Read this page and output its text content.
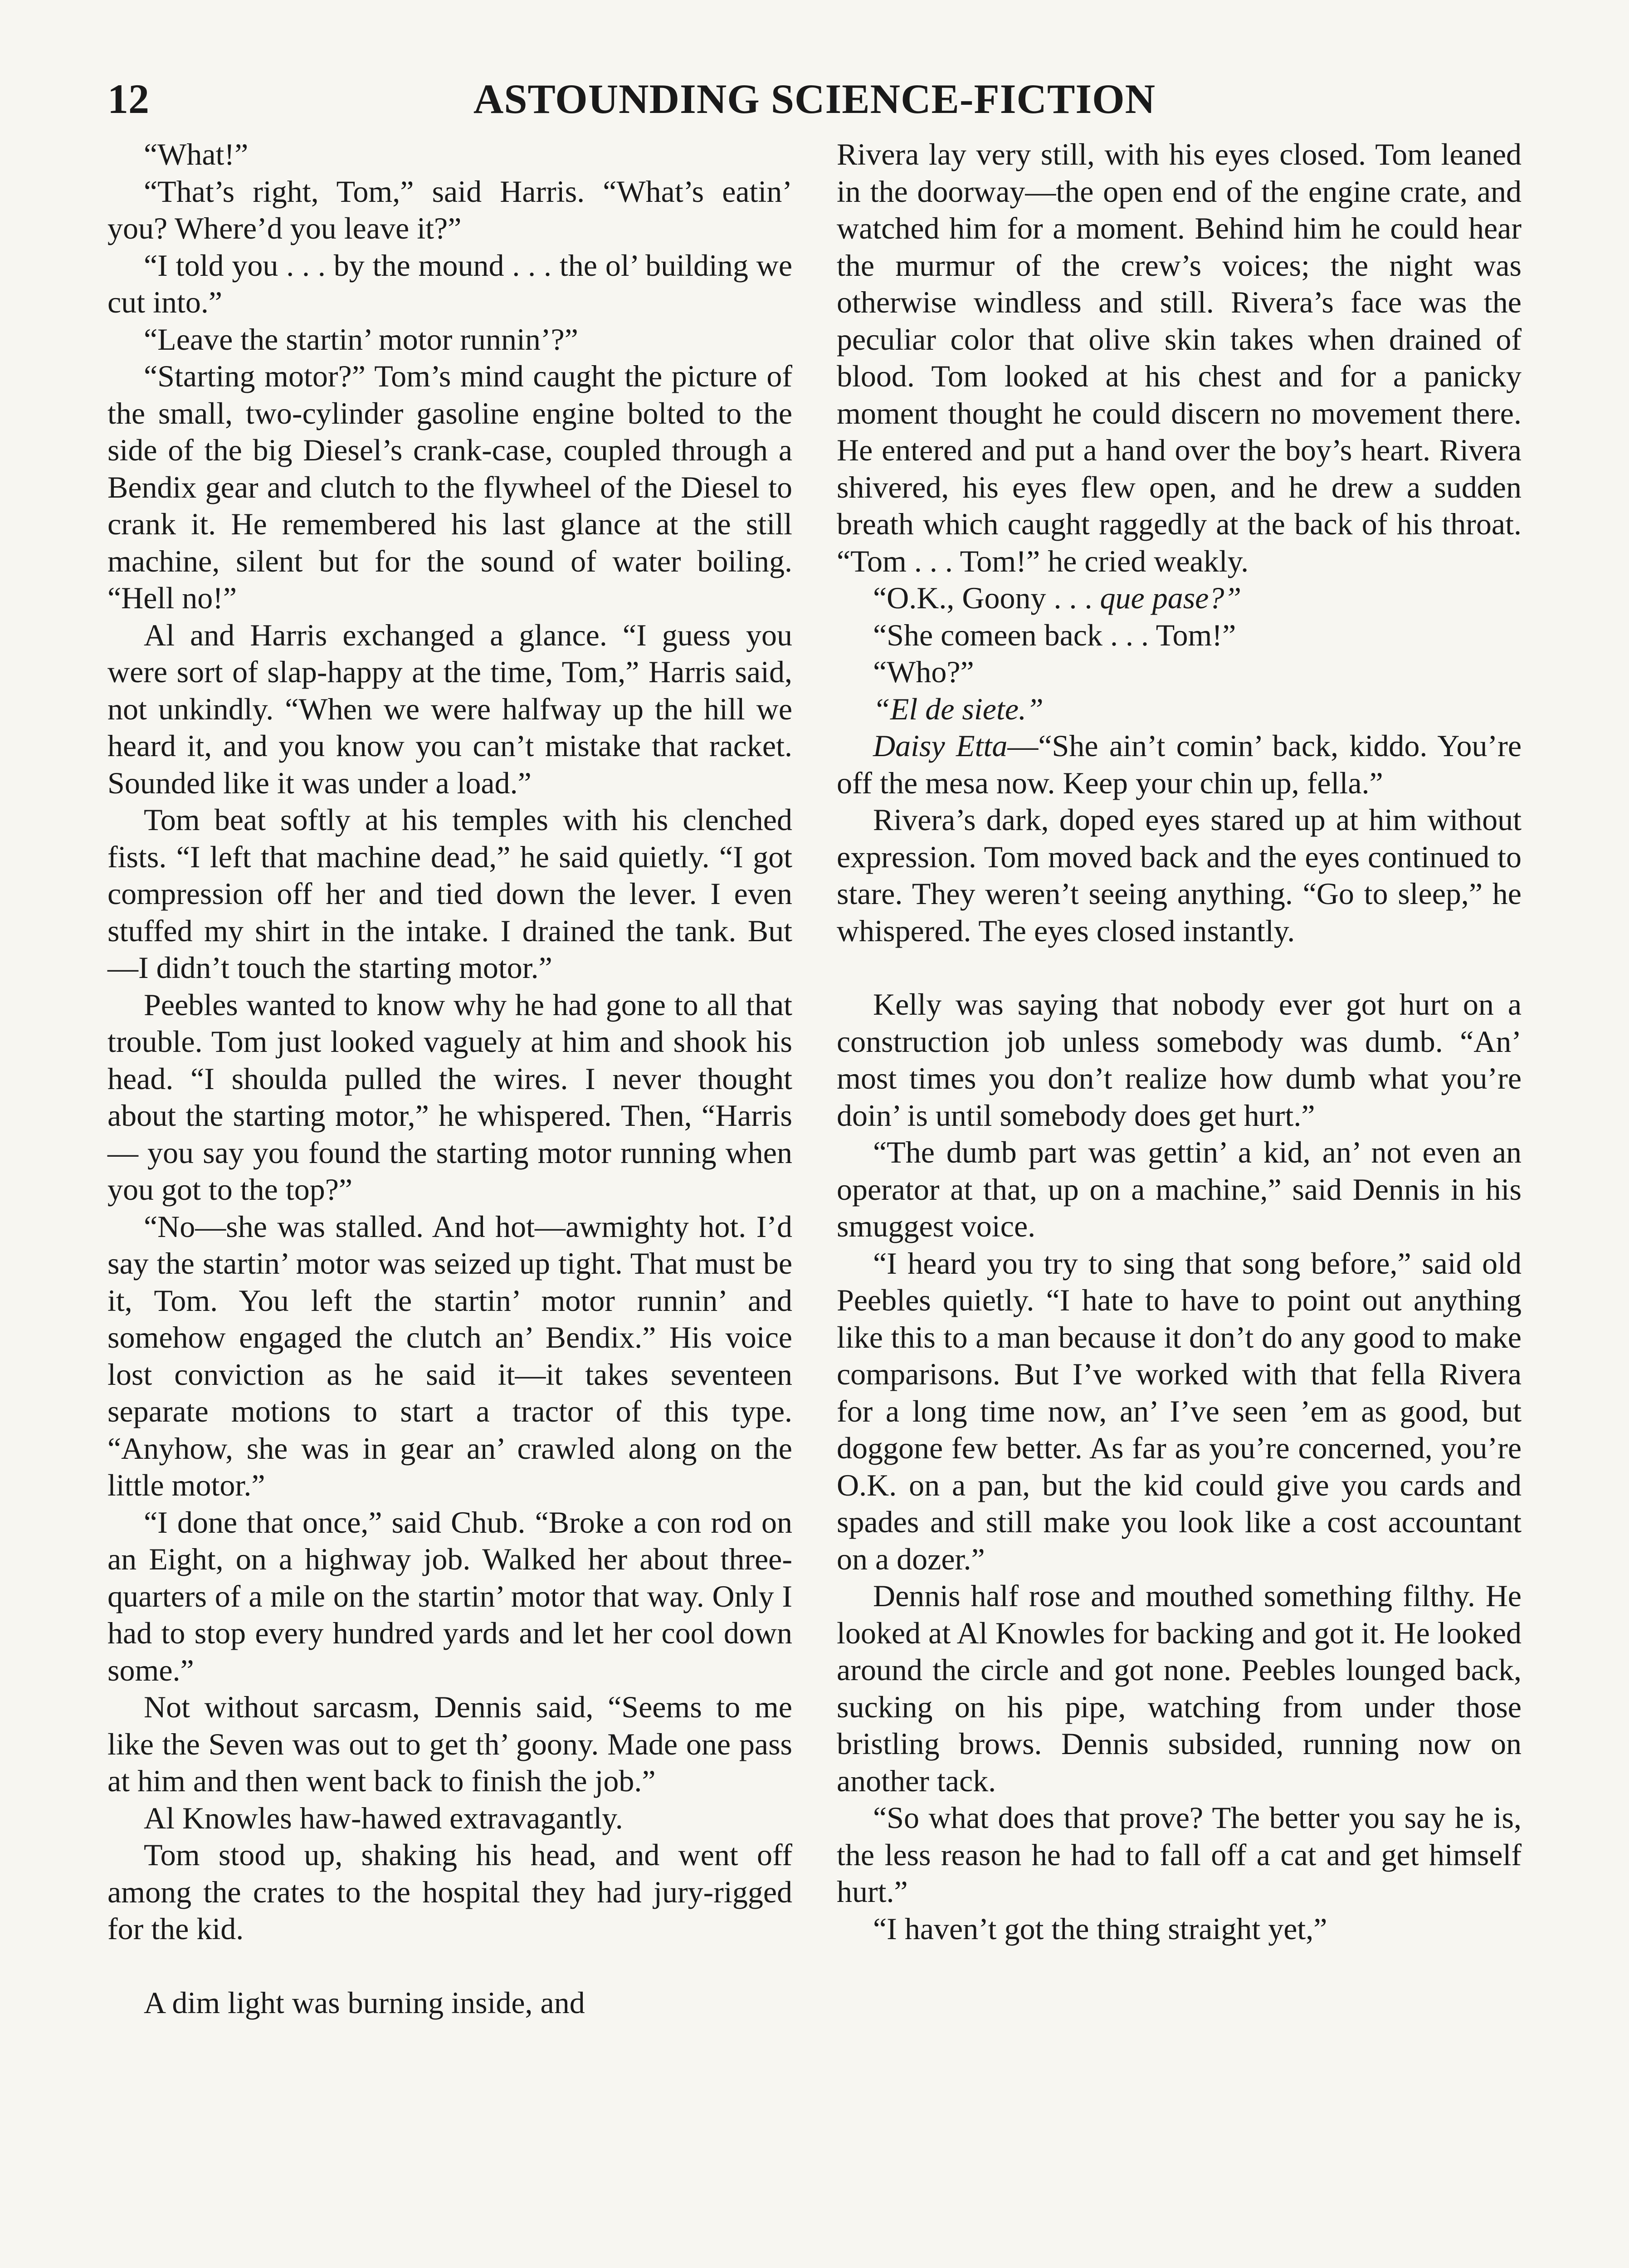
12	ASTOUNDING SCIENCE-FICTION

“What!”

“That’s right, Tom,” said Harris. “What’s eatin’ you? Where’d you leave it?”

“I told you . . . by the mound . . . the ol’ building we cut into.”

“Leave the startin’ motor runnin’?”

“Starting motor?” Tom’s mind caught the picture of the small, two-cylinder gasoline engine bolted to the side of the big Diesel’s crank-case, coupled through a Bendix gear and clutch to the flywheel of the Diesel to crank it. He remembered his last glance at the still machine, silent but for the sound of water boiling. “Hell no!”

Al and Harris exchanged a glance. “I guess you were sort of slap-happy at the time, Tom,” Harris said, not unkindly. “When we were halfway up the hill we heard it, and you know you can’t mistake that racket. Sounded like it was under a load.”

Tom beat softly at his temples with his clenched fists. “I left that machine dead,” he said quietly. “I got compression off her and tied down the lever. I even stuffed my shirt in the intake. I drained the tank. But —I didn’t touch the starting motor.”

Peebles wanted to know why he had gone to all that trouble. Tom just looked vaguely at him and shook his head. “I shoulda pulled the wires. I never thought about the starting motor,” he whispered. Then, “Harris— you say you found the starting motor running when you got to the top?”

“No—she was stalled. And hot—awmighty hot. I’d say the startin’ motor was seized up tight. That must be it, Tom. You left the startin’ motor runnin’ and somehow engaged the clutch an’ Bendix.” His voice lost conviction as he said it—it takes seventeen separate motions to start a tractor of this type. “Anyhow, she was in gear an’ crawled along on the little motor.”

“I done that once,” said Chub. “Broke a con rod on an Eight, on a highway job. Walked her about three-quarters of a mile on the startin’ motor that way. Only I had to stop every hundred yards and let her cool down some.”

Not without sarcasm, Dennis said, “Seems to me like the Seven was out to get th’ goony. Made one pass at him and then went back to finish the job.”

Al Knowles haw-hawed extravagantly.

Tom stood up, shaking his head, and went off among the crates to the hospital they had jury-rigged for the kid.

A dim light was burning inside, and

Rivera lay very still, with his eyes closed. Tom leaned in the doorway—the open end of the engine crate, and watched him for a moment. Behind him he could hear the murmur of the crew’s voices; the night was otherwise windless and still. Rivera’s face was the peculiar color that olive skin takes when drained of blood. Tom looked at his chest and for a panicky moment thought he could discern no movement there. He entered and put a hand over the boy’s heart. Rivera shivered, his eyes flew open, and he drew a sudden breath which caught raggedly at the back of his throat. “Tom . . . Tom!” he cried weakly.

“O.K., Goony . . . que pase?”

“She comeen back . . . Tom!”

“Who?”

“El de siete.”

Daisy Etta—“She ain’t comin’ back, kiddo. You’re off the mesa now. Keep your chin up, fella.”

Rivera’s dark, doped eyes stared up at him without expression. Tom moved back and the eyes continued to stare. They weren’t seeing anything. “Go to sleep,” he whispered. The eyes closed instantly.

Kelly was saying that nobody ever got hurt on a construction job unless somebody was dumb. “An’ most times you don’t realize how dumb what you’re doin’ is until somebody does get hurt.”

“The dumb part was gettin’ a kid, an’ not even an operator at that, up on a machine,” said Dennis in his smuggest voice.

“I heard you try to sing that song before,” said old Peebles quietly. “I hate to have to point out anything like this to a man because it don’t do any good to make comparisons. But I’ve worked with that fella Rivera for a long time now, an’ I’ve seen ’em as good, but doggone few better. As far as you’re concerned, you’re O.K. on a pan, but the kid could give you cards and spades and still make you look like a cost accountant on a dozer.”

Dennis half rose and mouthed something filthy. He looked at Al Knowles for backing and got it. He looked around the circle and got none. Peebles lounged back, sucking on his pipe, watching from under those bristling brows. Dennis subsided, running now on another tack.

“So what does that prove? The better you say he is, the less reason he had to fall off a cat and get himself hurt.”

“I haven’t got the thing straight yet,”
